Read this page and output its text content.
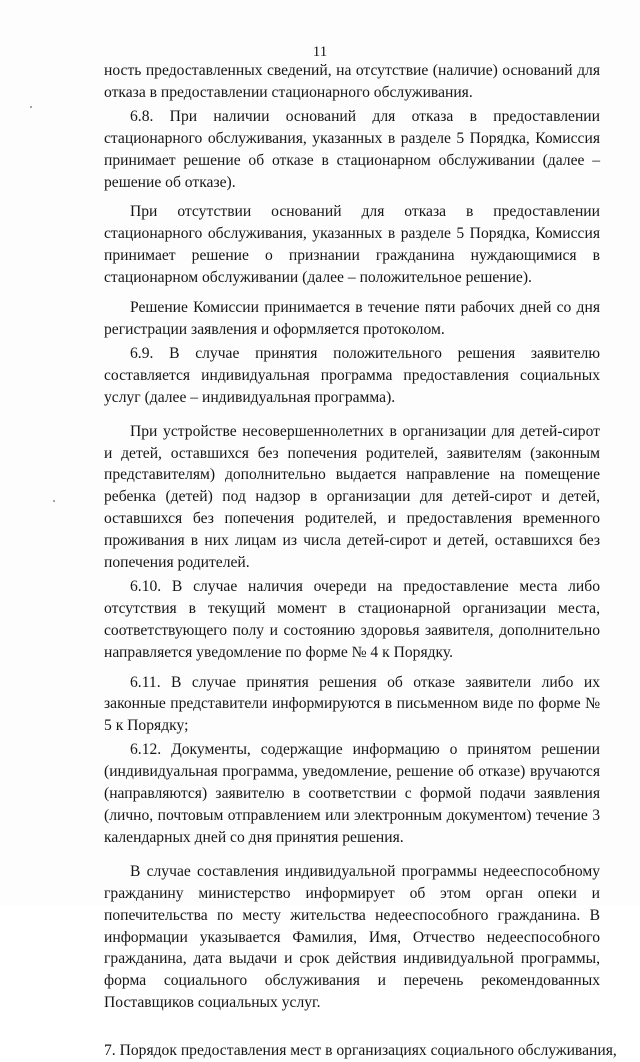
11

ность предоставленных сведений, на отсутствие (наличие) оснований для отказа в предоставлении стационарного обслуживания.

6.8. При наличии оснований для отказа в предоставлении стационарного обслуживания, указанных в разделе 5 Порядка, Комиссия принимает решение об отказе в стационарном обслуживании (далее – решение об отказе).

При отсутствии оснований для отказа в предоставлении стационарного обслуживания, указанных в разделе 5 Порядка, Комиссия принимает решение о признании гражданина нуждающимися в стационарном обслуживании (далее – положительное решение).

Решение Комиссии принимается в течение пяти рабочих дней со дня регистрации заявления и оформляется протоколом.

6.9. В случае принятия положительного решения заявителю составляется индивидуальная программа предоставления социальных услуг (далее – индивидуальная программа).

При устройстве несовершеннолетних в организации для детей-сирот и детей, оставшихся без попечения родителей, заявителям (законным представителям) дополнительно выдается направление на помещение ребенка (детей) под надзор в организации для детей-сирот и детей, оставшихся без попечения родителей, и предоставления временного проживания в них лицам из числа детей-сирот и детей, оставшихся без попечения родителей.

6.10. В случае наличия очереди на предоставление места либо отсутствия в текущий момент в стационарной организации места, соответствующего полу и состоянию здоровья заявителя, дополнительно направляется уведомление по форме № 4 к Порядку.

6.11. В случае принятия решения об отказе заявители либо их законные представители информируются в письменном виде по форме № 5 к Порядку;

6.12. Документы, содержащие информацию о принятом решении (индивидуальная программа, уведомление, решение об отказе) вручаются (направляются) заявителю в соответствии с формой подачи заявления (лично, почтовым отправлением или электронным документом) течение 3 календарных дней со дня принятия решения.

В случае составления индивидуальной программы недееспособному гражданину министерство информирует об этом орган опеки и попечительства по месту жительства недееспособного гражданина. В информации указывается Фамилия, Имя, Отчество недееспособного гражданина, дата выдачи и срок действия индивидуальной программы, форма социального обслуживания и перечень рекомендованных Поставщиков социальных услуг.

7. Порядок предоставления мест в организациях социального обслуживания,
